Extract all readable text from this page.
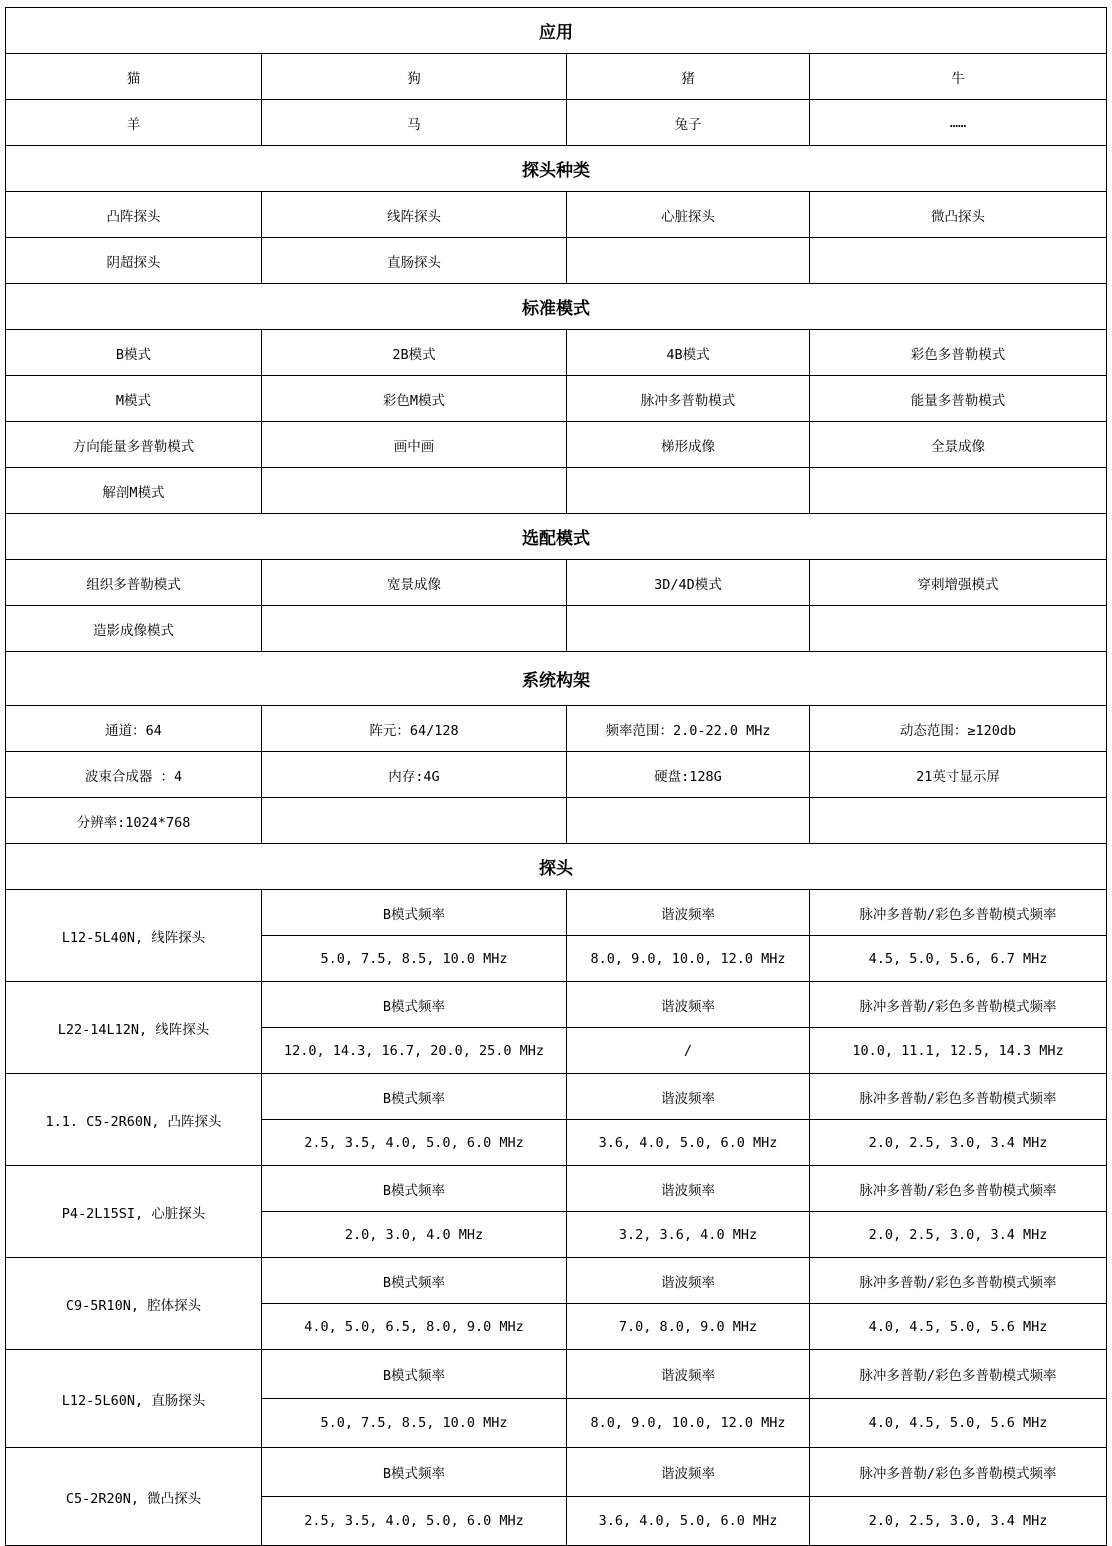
应用			
猫	狗	猪	牛
羊	马	兔子	……
探头种类			
凸阵探头	线阵探头	心脏探头	微凸探头
阴超探头	直肠探头		
标准模式			
B模式	2B模式	4B模式	彩色多普勒模式
M模式	彩色M模式	脉冲多普勒模式	能量多普勒模式
方向能量多普勒模式	画中画	梯形成像	全景成像
解剖M模式			
选配模式			
组织多普勒模式	宽景成像	3D/4D模式	穿刺增强模式
造影成像模式			
系统构架			
通道：64	阵元：64/128	频率范围：2.0-22.0 MHz	动态范围：≥120db
波束合成器 ：4	内存:4G	硬盘:128G	21英寸显示屏
分辨率:1024*768			
探头			
L12-5L40N, 线阵探头	B模式频率	谐波频率	脉冲多普勒/彩色多普勒模式频率
	5.0, 7.5, 8.5, 10.0 MHz	8.0, 9.0, 10.0, 12.0 MHz	4.5, 5.0, 5.6, 6.7 MHz
L22-14L12N, 线阵探头	B模式频率	谐波频率	脉冲多普勒/彩色多普勒模式频率
	12.0, 14.3, 16.7, 20.0, 25.0 MHz	/	10.0, 11.1, 12.5, 14.3 MHz
1.1. C5-2R60N, 凸阵探头	B模式频率	谐波频率	脉冲多普勒/彩色多普勒模式频率
	2.5, 3.5, 4.0, 5.0, 6.0 MHz	3.6, 4.0, 5.0, 6.0 MHz	2.0, 2.5, 3.0, 3.4 MHz
P4-2L15SI, 心脏探头	B模式频率	谐波频率	脉冲多普勒/彩色多普勒模式频率
	2.0, 3.0, 4.0 MHz	3.2, 3.6, 4.0 MHz	2.0, 2.5, 3.0, 3.4 MHz
C9-5R10N, 腔体探头	B模式频率	谐波频率	脉冲多普勒/彩色多普勒模式频率
	4.0, 5.0, 6.5, 8.0, 9.0 MHz	7.0, 8.0, 9.0 MHz	4.0, 4.5, 5.0, 5.6 MHz
L12-5L60N, 直肠探头	B模式频率	谐波频率	脉冲多普勒/彩色多普勒模式频率
	5.0, 7.5, 8.5, 10.0 MHz	8.0, 9.0, 10.0, 12.0 MHz	4.0, 4.5, 5.0, 5.6 MHz
C5-2R20N, 微凸探头	B模式频率	谐波频率	脉冲多普勒/彩色多普勒模式频率
	2.5, 3.5, 4.0, 5.0, 6.0 MHz	3.6, 4.0, 5.0, 6.0 MHz	2.0, 2.5, 3.0, 3.4 MHz
